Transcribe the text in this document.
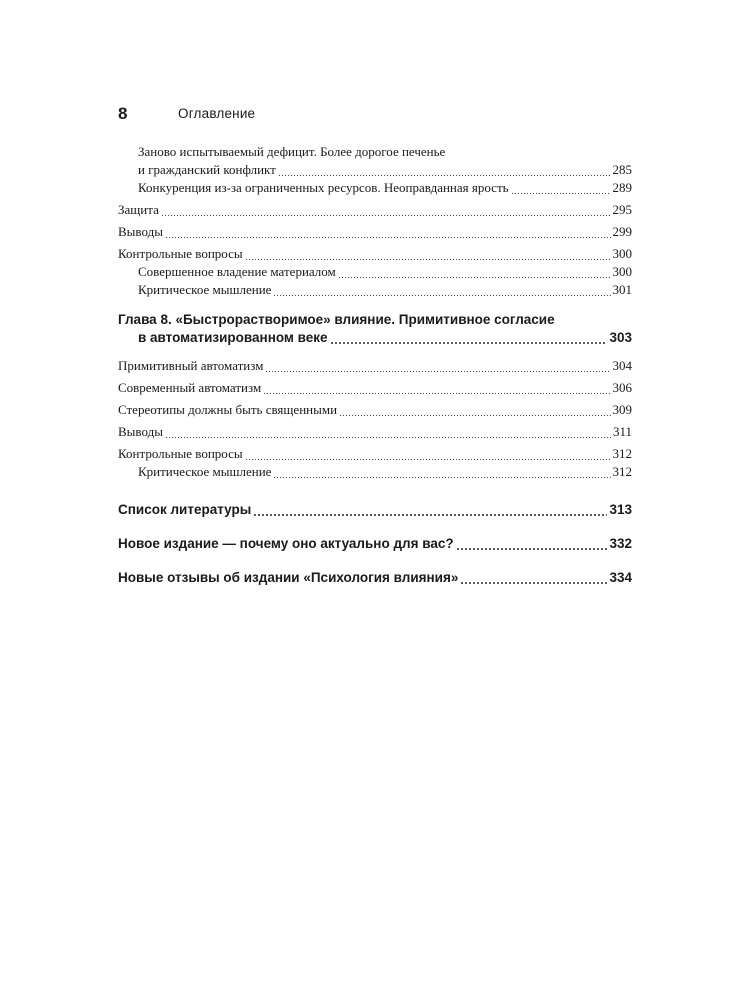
8	Оглавление
Заново испытываемый дефицит. Более дорогое печенье
и гражданский конфликт	285
Конкуренция из-за ограниченных ресурсов. Неоправданная ярость	289
Защита	295
Выводы	299
Контрольные вопросы	300
Совершенное владение материалом	300
Критическое мышление	301
Глава 8. «Быстрорастворимое» влияние. Примитивное согласие
в автоматизированном веке	303
Примитивный автоматизм	304
Современный автоматизм	306
Стереотипы должны быть священными	309
Выводы	311
Контрольные вопросы	312
Критическое мышление	312
Список литературы	313
Новое издание — почему оно актуально для вас?	332
Новые отзывы об издании «Психология влияния»	334
